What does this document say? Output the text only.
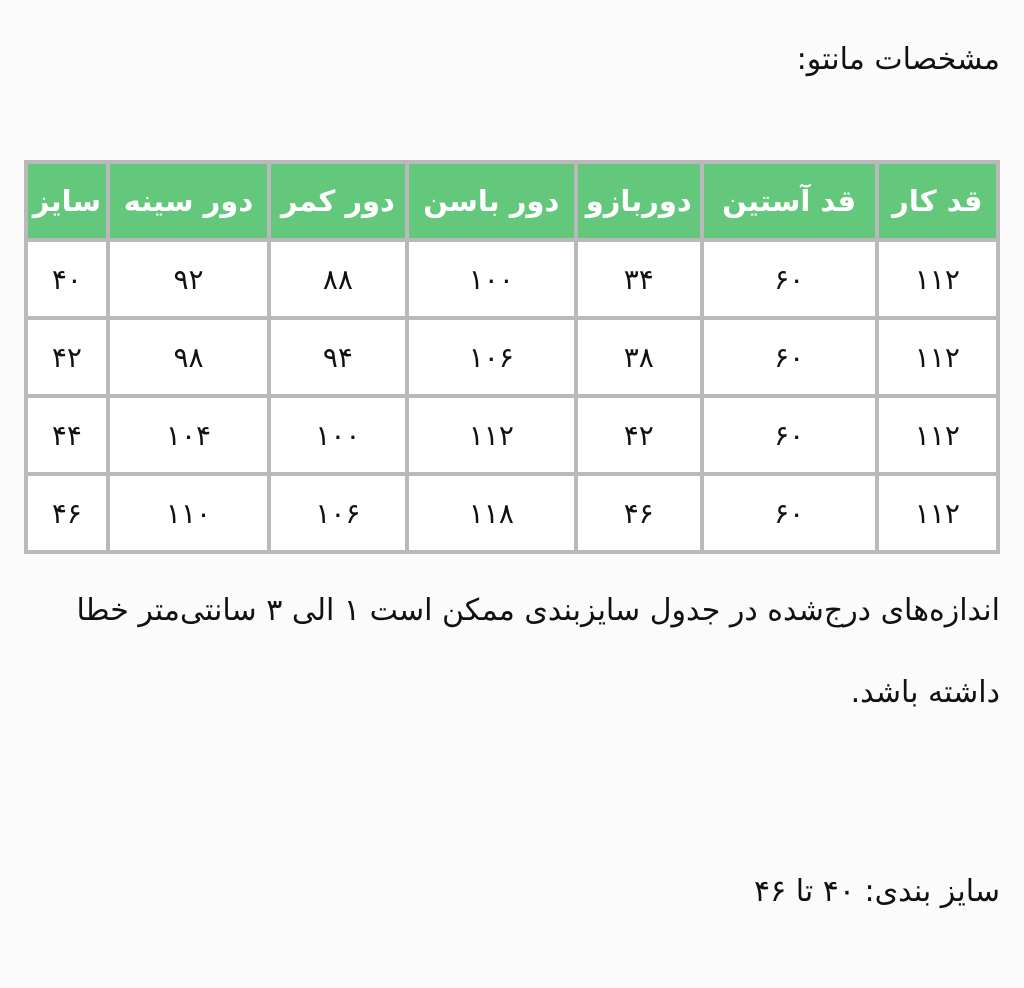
مشخصات مانتو:
قد کار	قد آستین	دوربازو	دور باسن	دور کمر	دور سینه	سایز
۱۱۲	۶۰	۳۴	۱۰۰	۸۸	۹۲	۴۰
۱۱۲	۶۰	۳۸	۱۰۶	۹۴	۹۸	۴۲
۱۱۲	۶۰	۴۲	۱۱۲	۱۰۰	۱۰۴	۴۴
۱۱۲	۶۰	۴۶	۱۱۸	۱۰۶	۱۱۰	۴۶
اندازه‌های درج‌شده در جدول سایزبندی ممکن است ۱ الی ۳ سانتی‌متر خطا داشته باشد.
سایز بندی: ۴۰ تا ۴۶
